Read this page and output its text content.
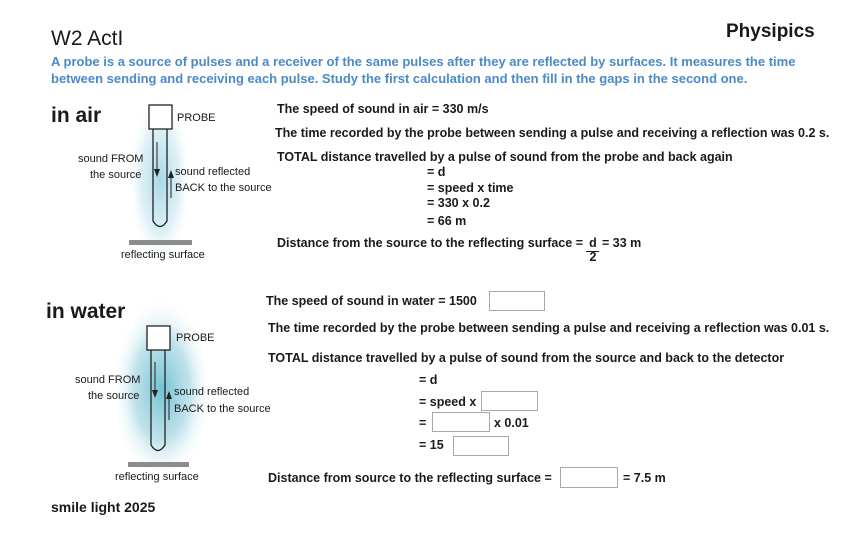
W2 ActI	Physipics
A probe is a source of pulses and a receiver of the same pulses after they are reflected by surfaces. It measures the time between sending and receiving each pulse. Study the first calculation and then fill in the gaps in the second one.
in air	PROBE
sound FROM
the source	sound reflected
BACK to the source
reflecting surface
The speed of sound in air = 330 m/s
The time recorded by the probe between sending a pulse and receiving a reflection was 0.2 s.
TOTAL distance travelled by a pulse of sound from the probe and back again
= d
= speed x time
= 330 x 0.2
= 66 m
Distance from the source to the reflecting surface = d
2
= 33 m
in water
PROBE
sound FROM
the source	sound reflected
BACK to the source
reflecting surface
The speed of sound in water = 1500
The time recorded by the probe between sending a pulse and receiving a reflection was 0.01 s.
TOTAL distance travelled by a pulse of sound from the source and back to the detector
= d
= speed x
=	x 0.01
= 15
Distance from source to the reflecting surface =	= 7.5 m
smile light 2025
